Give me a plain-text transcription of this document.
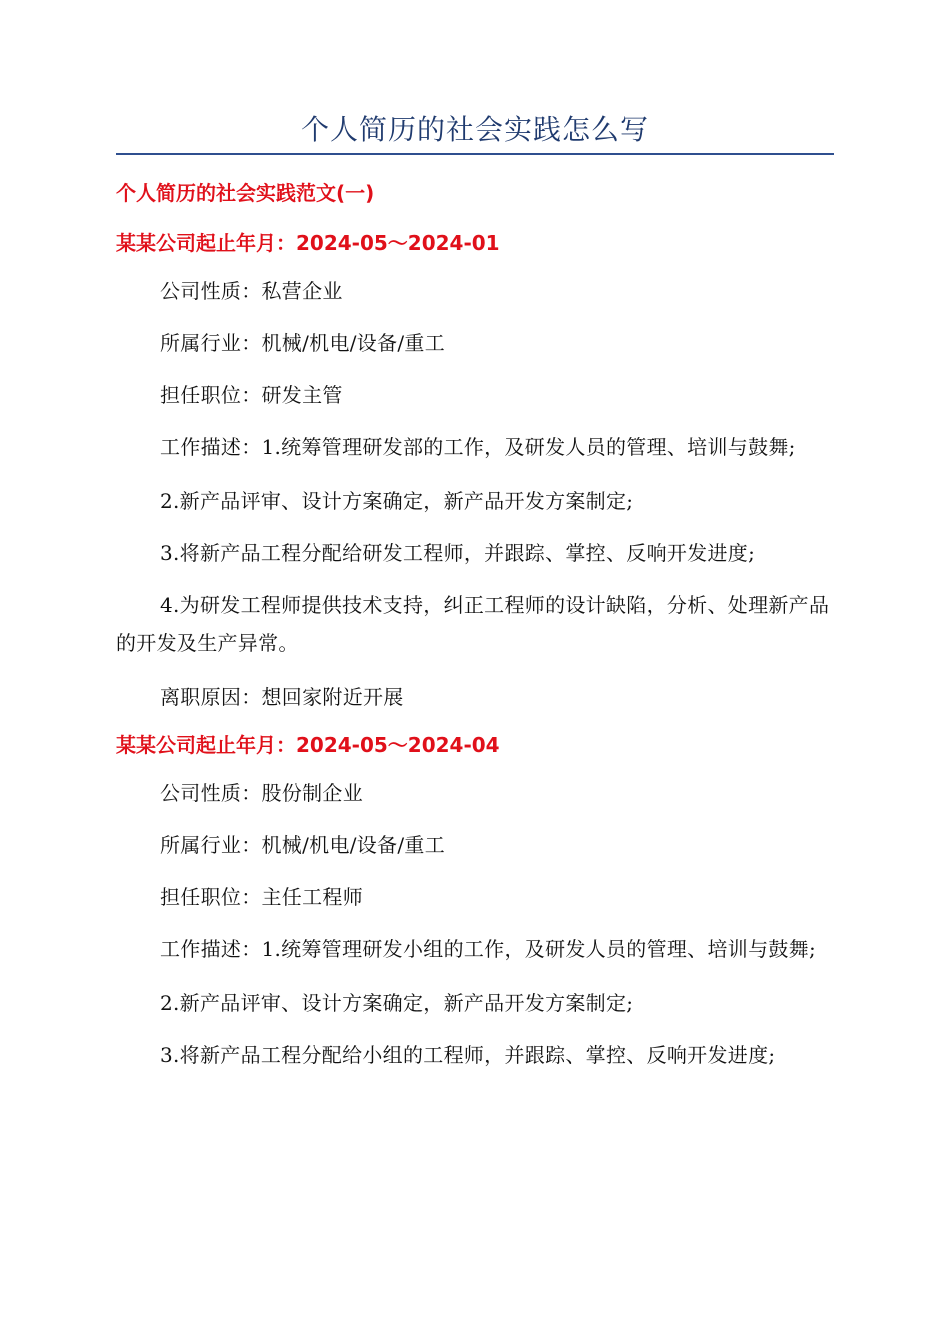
个人简历的社会实践怎么写
个人简历的社会实践范文(一)
某某公司起止年月：2024-05～2024-01

公司性质：私营企业

所属行业：机械/机电/设备/重工

担任职位：研发主管

工作描述：1.统筹管理研发部的工作，及研发人员的管理、培训与鼓舞;

2.新产品评审、设计方案确定，新产品开发方案制定;

3.将新产品工程分配给研发工程师，并跟踪、掌控、反响开发进度;

4.为研发工程师提供技术支持，纠正工程师的设计缺陷，分析、处理新产品的开发及生产异常。

离职原因：想回家附近开展

某某公司起止年月：2024-05～2024-04

公司性质：股份制企业

所属行业：机械/机电/设备/重工

担任职位：主任工程师

工作描述：1.统筹管理研发小组的工作，及研发人员的管理、培训与鼓舞;

2.新产品评审、设计方案确定，新产品开发方案制定;

3.将新产品工程分配给小组的工程师，并跟踪、掌控、反响开发进度;
